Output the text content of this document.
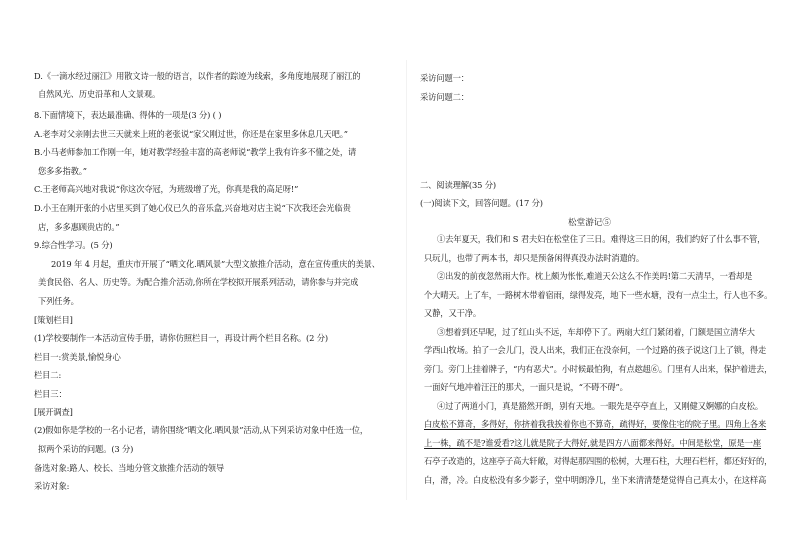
D.《一滴水经过丽江》用散文诗一般的语言，以作者的踪迹为线索，多角度地展现了丽江的
自然风光、历史沿革和人文景观。
8.下面情境下，表达最准确、得体的一项是(3 分) ( )
A.老李对父亲刚去世三天就来上班的老张说“家父刚过世，你还是在家里多休息几天吧。”
B.小马老师参加工作刚一年，她对教学经验丰富的高老师说“教学上我有许多不懂之处，请
您多多指教。”
C.王老师高兴地对我说“你这次夺冠，为班级增了光，你真是我的高足呀!”
D.小王在刚开张的小店里买到了她心仪已久的音乐盒,兴奋地对店主说“下次我还会光临贵
店，多多惠顾贵店的。”
9.综合性学习。(5 分)
2019 年 4 月起，重庆市开展了“晒文化.晒风景”大型文旅推介活动，意在宣传重庆的美景、
美食民俗、名人、历史等。为配合推介活动,你所在学校拟开展系列活动，请你参与并完成
下列任务。
[策划栏目]
(1)学校要制作一本活动宣传手册，请你仿照栏目一，再设计两个栏目名称。(2 分)
栏目一:赏美景,愉悦身心
栏目二:
栏目三：
[展开调查]
(2)假如你是学校的一名小记者，请你围绕“晒文化.晒风景”活动,从下列采访对象中任选一位，
拟两个采访的问题。(3 分)
备选对象:路人、校长、当地分管文旅推介活动的领导
采访对象:
采访问题一：
采访问题二：
二、阅读理解(35 分)
(一)阅读下文，回答问题。(17 分)
松堂游记⑤
①去年夏天，我们和 S 君夫妇在松堂住了三日。难得这三日的闲，我们约好了什么事不管，
只玩儿，也带了两本书，却只是预备闲得真没办法时消遣的。
②出发的前夜忽然雨大作。枕上颇为怅怅,难道天公这么不作美吗!第二天清早，一看却是
个大晴天。上了车，一路树木带着宿雨，绿得发亮，地下一些水塘，没有一点尘土，行人也不多。
又静，又干净。
③想着到还早呢，过了红山头不远，车却停下了。两扇大红门紧闭着，门额是国立清华大
学西山牧场。拍了一会儿门，没人出来，我们正在没奈何，一个过路的孩子说这门上了锁，得走
旁门。旁门上挂着牌子，“内有恶犬”。小时候最怕狗，有点趑趄⑥。门里有人出来，保护着进去，
一面好气地冲着汪汪的那犬，一面只是说，“不碍不碍”。
④过了两道小门，真是豁然开朗，别有天地。一眼先是亭亭直上，又刚健又婀娜的白皮松。
白皮松不算奇，多得好，你挤着我我挨着你也不算奇，疏得好，要像住宅的院子里。四角上各来
上一株，疏不是?谁爱看?这儿就是院子大得好,就是四方八面都来得好。中间是松堂，原是一座
石亭子改造的，这座亭子高大轩敞，对得起那四围的松树，大理石柱，大理石栏杆，都还好好的，
白，滑，冷。白皮松没有多少影子，堂中明朗净几，坐下来清清楚楚觉得自己真太小，在这样高
